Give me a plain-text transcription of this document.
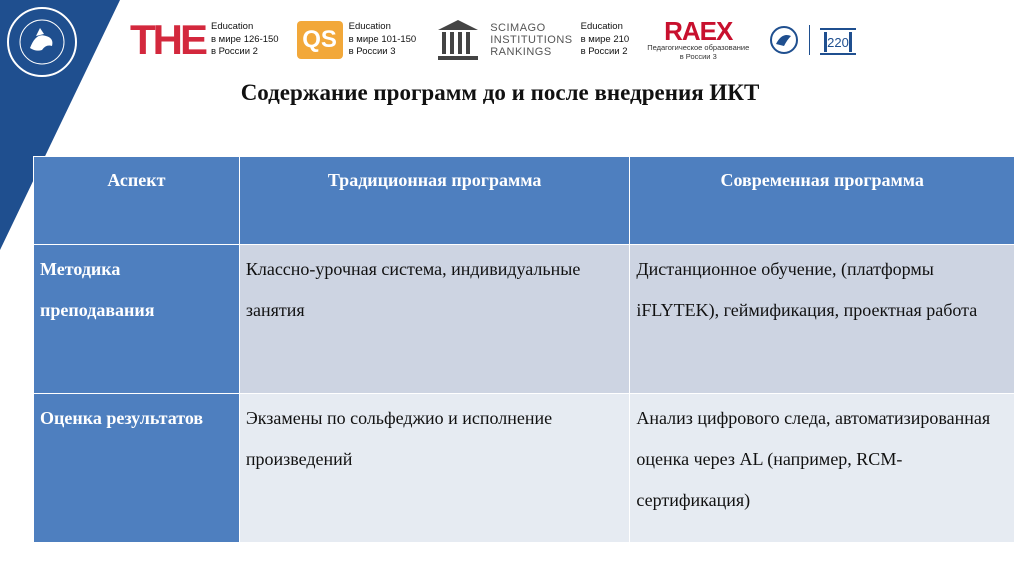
THE Education
в мире 126-150
в России 2	QS	Education
в мире 101-150
в России 3
SCIMAGO
INSTITUTIONS
RANKINGS
Education
в мире 210
в России 2
RAEX
Педагогическое образование
в России 3
220
Содержание программ до и после внедрения ИКТ
Аспект	Традиционная программа	Современная программа
Методика преподавания	Классно-урочная система, индивидуальные занятия	Дистанционное обучение, (платформы iFLYTEK), геймификация, проектная работа
Оценка результатов	Экзамены по сольфеджио и исполнение произведений	Анализ цифрового следа, автоматизированная оценка через AL (например, RCM-сертификация)
